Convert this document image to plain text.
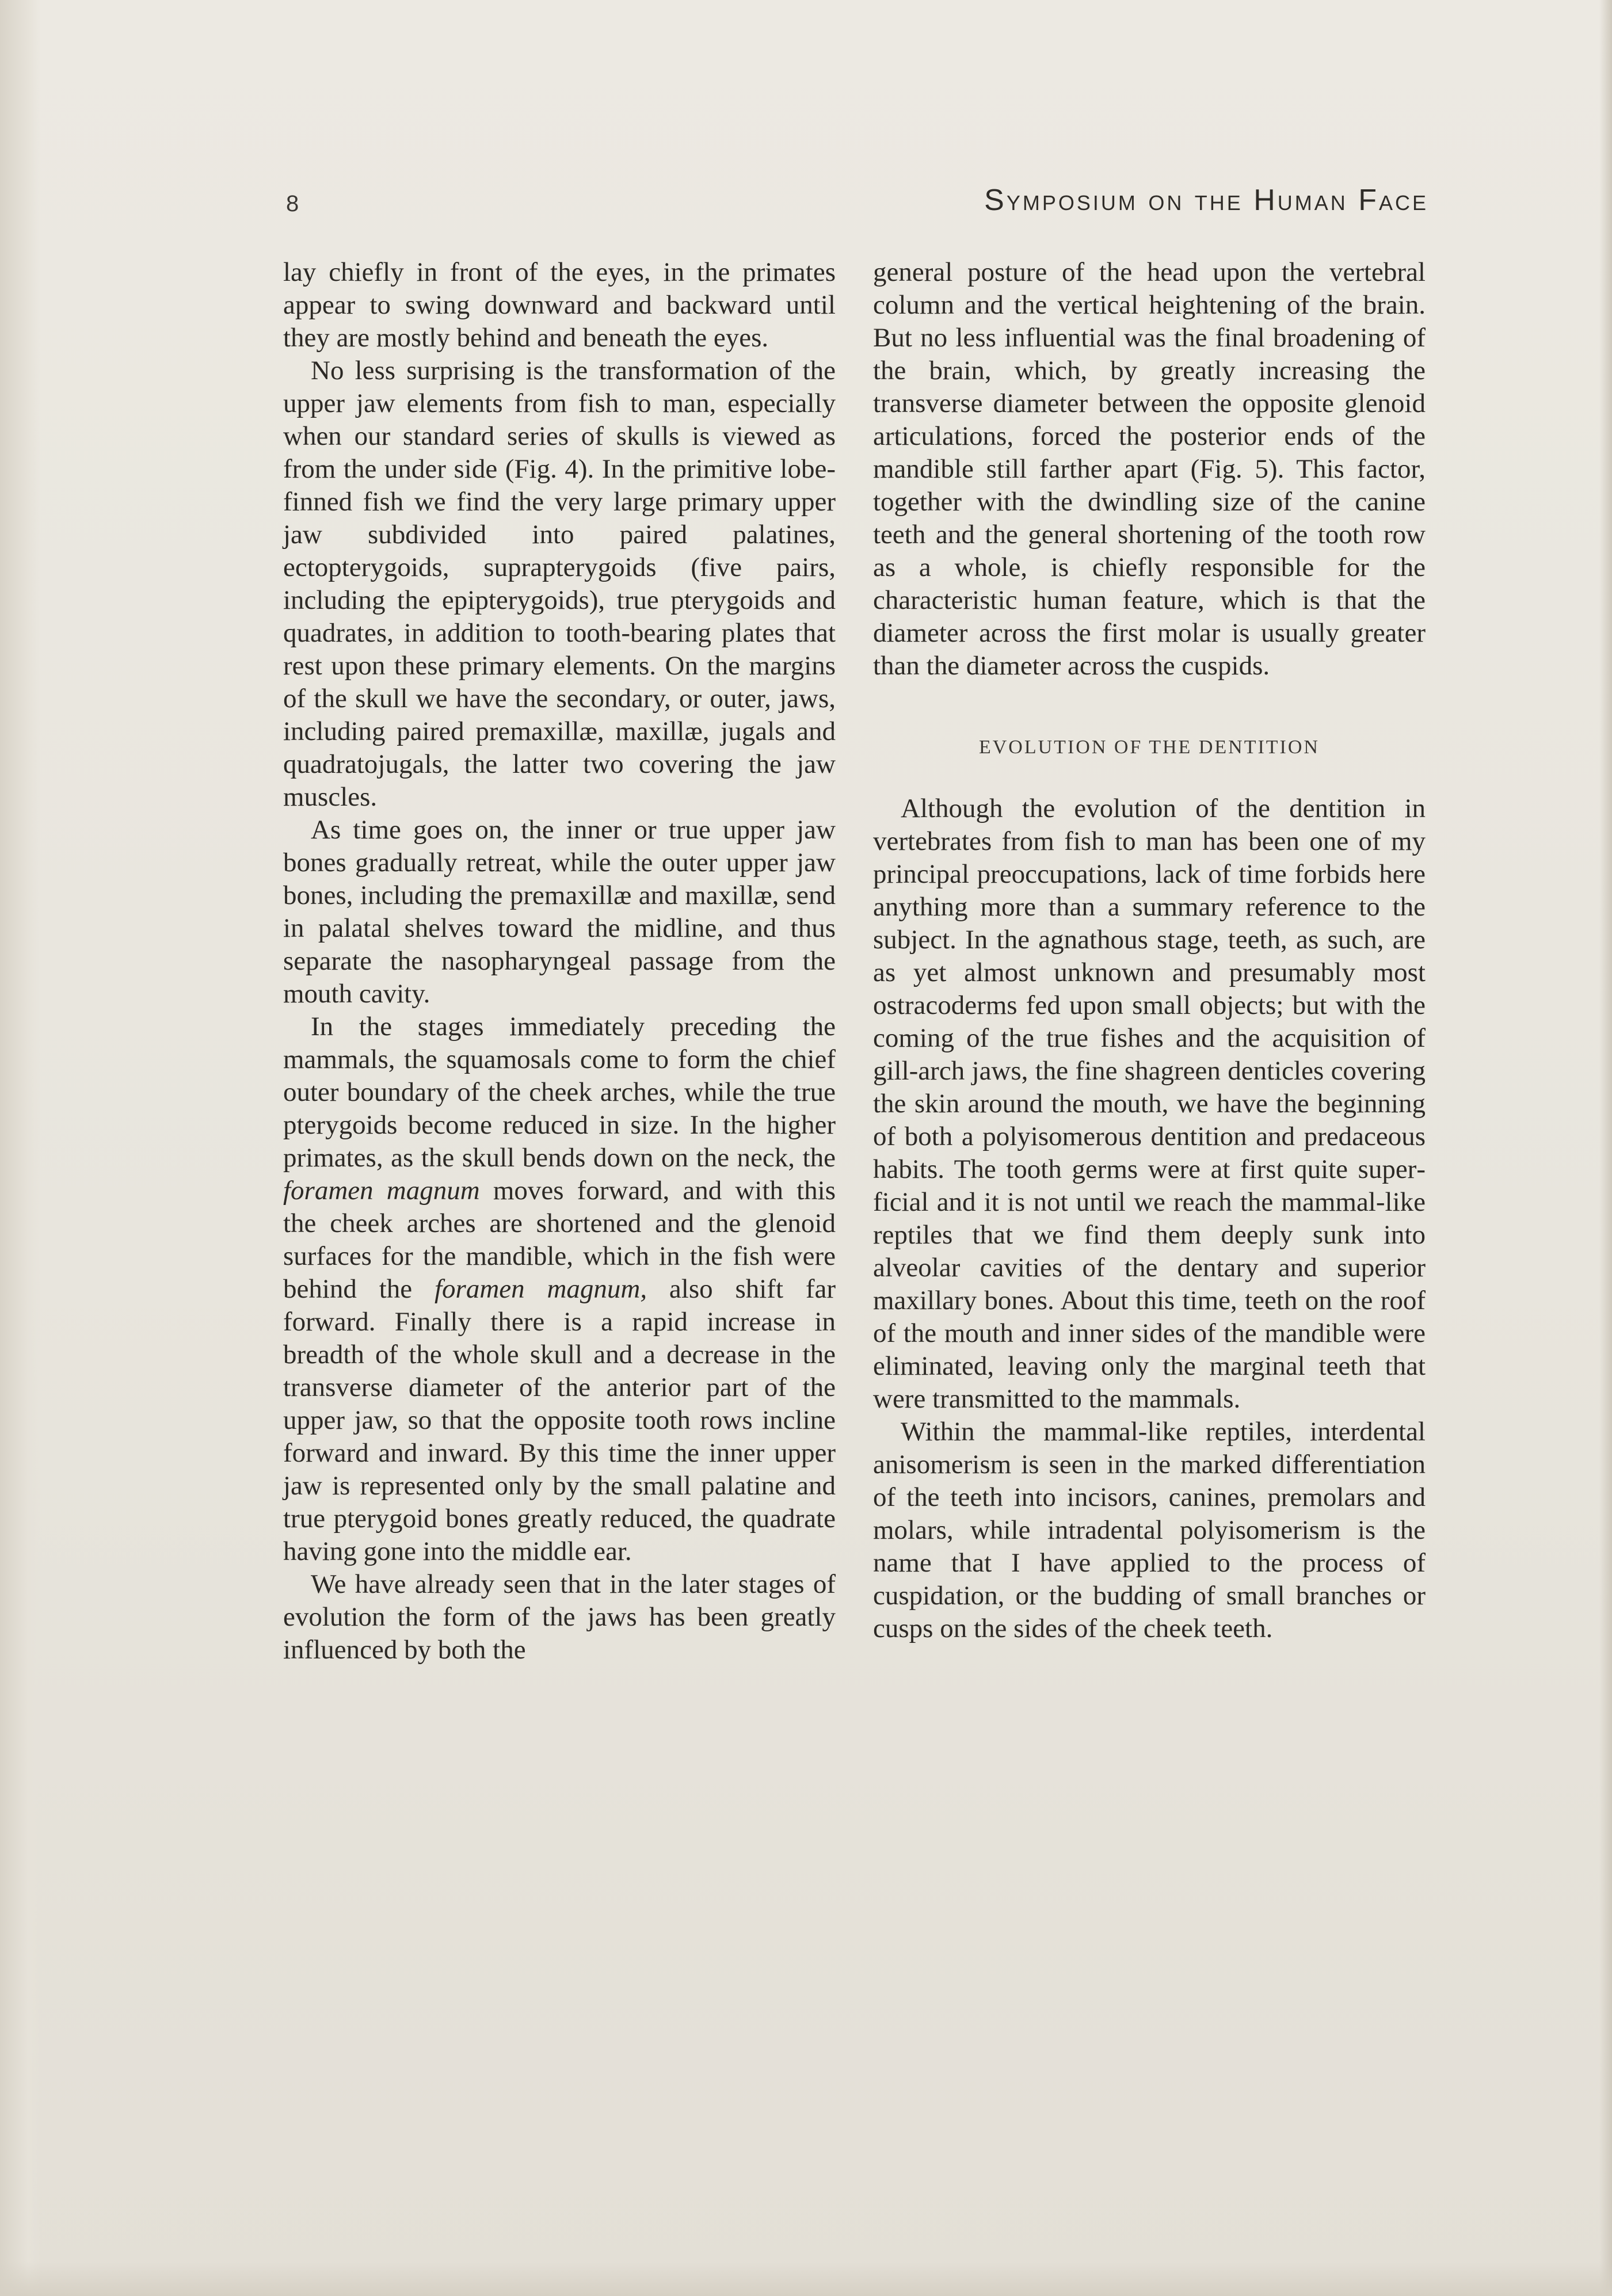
8	Symposium on the Human Face

lay chiefly in front of the eyes, in the primates appear to swing downward and backward until they are mostly behind and beneath the eyes.

No less surprising is the transformation of the upper jaw elements from fish to man, especially when our standard series of skulls is viewed as from the under side (Fig. 4). In the primitive lobe-finned fish we find the very large primary upper jaw subdivided into paired palatines, ectopterygoids, suprapterygoids (five pairs, including the epipterygoids), true pterygoids and quadrates, in addition to tooth-bearing plates that rest upon these primary elements. On the margins of the skull we have the secondary, or outer, jaws, including paired premaxillæ, maxillæ, jugals and quadratojugals, the latter two covering the jaw muscles.

As time goes on, the inner or true upper jaw bones gradually retreat, while the outer upper jaw bones, including the premaxillæ and maxillæ, send in palatal shelves toward the midline, and thus separate the nasopharyngeal passage from the mouth cavity.

In the stages immediately preceding the mammals, the squamosals come to form the chief outer boundary of the cheek arches, while the true pterygoids become reduced in size. In the higher primates, as the skull bends down on the neck, the foramen magnum moves forward, and with this the cheek arches are shortened and the glenoid surfaces for the mandible, which in the fish were behind the foramen magnum, also shift far forward. Finally there is a rapid increase in breadth of the whole skull and a decrease in the transverse diameter of the anterior part of the upper jaw, so that the opposite tooth rows incline forward and inward. By this time the inner upper jaw is represented only by the small palatine and true pterygoid bones greatly reduced, the quadrate having gone into the middle ear.

We have already seen that in the later stages of evolution the form of the jaws has been greatly influenced by both the

general posture of the head upon the vertebral column and the vertical heightening of the brain. But no less influential was the final broadening of the brain, which, by greatly increasing the transverse diameter between the opposite glenoid articulations, forced the posterior ends of the mandible still farther apart (Fig. 5). This factor, together with the dwindling size of the canine teeth and the general shortening of the tooth row as a whole, is chiefly responsible for the characteristic human feature, which is that the diameter across the first molar is usually greater than the diameter across the cuspids.

EVOLUTION OF THE DENTITION

Although the evolution of the dentition in vertebrates from fish to man has been one of my principal preoccupations, lack of time forbids here anything more than a summary reference to the subject. In the agnathous stage, teeth, as such, are as yet almost unknown and presumably most ostracoderms fed upon small objects; but with the coming of the true fishes and the acquisition of gill-arch jaws, the fine shagreen denticles covering the skin around the mouth, we have the beginning of both a polyisomerous dentition and predaceous habits. The tooth germs were at first quite superficial and it is not until we reach the mammal-like reptiles that we find them deeply sunk into alveolar cavities of the dentary and superior maxillary bones. About this time, teeth on the roof of the mouth and inner sides of the mandible were eliminated, leaving only the marginal teeth that were transmitted to the mammals.

Within the mammal-like reptiles, interdental anisomerism is seen in the marked differentiation of the teeth into incisors, canines, premolars and molars, while intradental polyisomerism is the name that I have applied to the process of cuspidation, or the budding of small branches or cusps on the sides of the cheek teeth.
